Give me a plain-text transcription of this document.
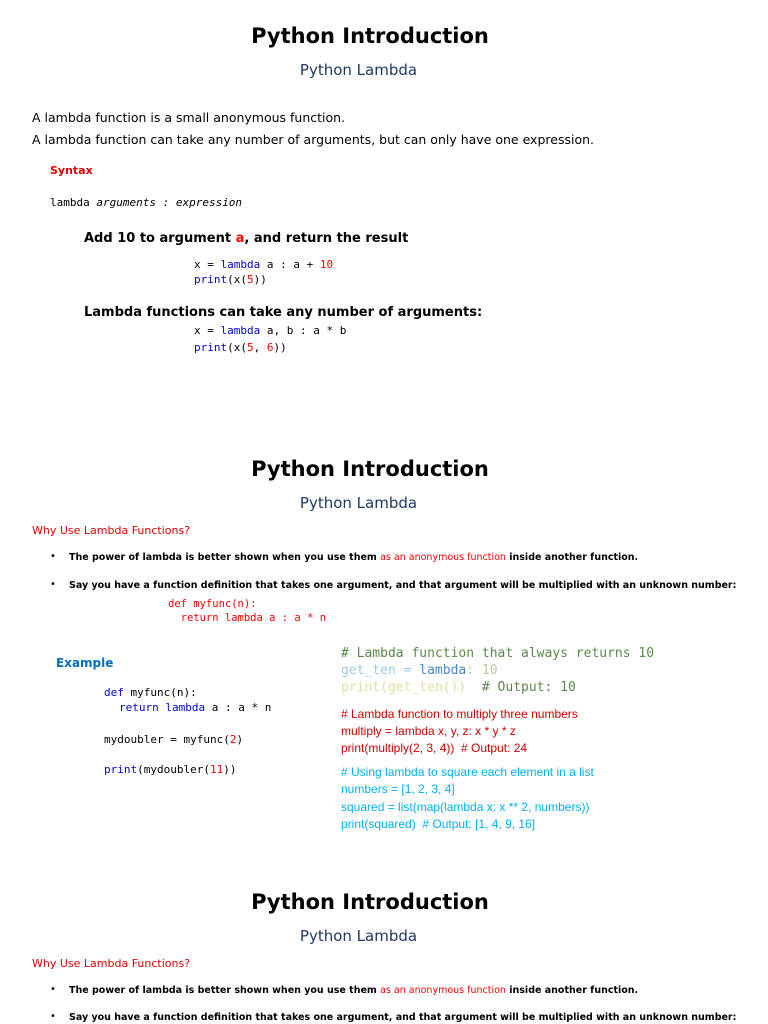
Python Introduction
Python Lambda
A lambda function is a small anonymous function.
A lambda function can take any number of arguments, but can only have one expression.
Syntax
lambda arguments : expression
Add 10 to argument a, and return the result
x = lambda a : a + 10
print(x(5))
Lambda functions can take any number of arguments:
x = lambda a, b : a * b
print(x(5, 6))
Python Introduction
Python Lambda
Why Use Lambda Functions?
• The power of lambda is better shown when you use them as an anonymous function inside another function.
• Say you have a function definition that takes one argument, and that argument will be multiplied with an unknown number:
def myfunc(n):
return lambda a : a * n
Example
def myfunc(n):
return lambda a : a * n
mydoubler = myfunc(2)
print(mydoubler(11))
# Lambda function that always returns 10
get_ten = lambda: 10
print(get_ten())  # Output: 10
# Lambda function to multiply three numbers
multiply = lambda x, y, z: x * y * z
print(multiply(2, 3, 4))  # Output: 24
# Using lambda to square each element in a list
numbers = [1, 2, 3, 4]
squared = list(map(lambda x: x ** 2, numbers))
print(squared)  # Output: [1, 4, 9, 16]
Python Introduction
Python Lambda
Why Use Lambda Functions?
• The power of lambda is better shown when you use them as an anonymous function inside another function.
• Say you have a function definition that takes one argument, and that argument will be multiplied with an unknown number:
